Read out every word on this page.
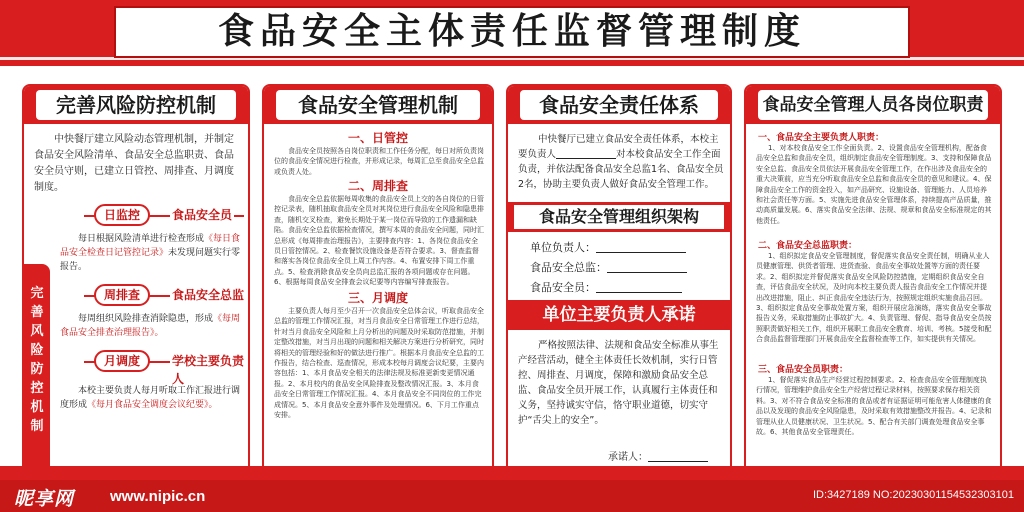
食品安全主体责任监督管理制度
完善风险防控机制
中快餐厅建立风险动态管理机制，并制定食品安全风险清单、食品安全总监职责、食品安全员守则，已建立日管控、周排查、月调度制度。
完善风险防控机制
日监控	食品安全员
每日根据风险清单进行检查形成《每日食品安全检查日记管控记录》未发现问题实行零报告。
周排查	食品安全总监
每周组织风险排查消除隐患，形成《每周食品安全排查治理报告》。
月调度	学校主要负责人
本校主要负责人每月听取工作汇报进行调度形成《每月食品安全调度会议纪要》。
食品安全管理机制
一、日管控
食品安全员按照各自岗位职责和工作任务分配，每日对所负责岗位的食品安全情况进行检查，并形成记录，每周汇总至食品安全总监或负责人处。
二、周排查
食品安全总监依据每周收集的食品安全员上交的各自岗位的日管控记录表，随机抽取食品安全员对其岗位进行食品安全风险和隐患排查，随机交叉检查，避免长期处于某一岗位而导致的工作遗漏和缺陷。食品安全总监依据检查情况，撰写本周的食品安全问题，同时汇总形成《每周排查治理报告》，主要排查内容：1、各岗位食品安全员日管控情况。2、检查餐饮设施设备是否符合要求。3、督查监督和落实各岗位食品安全员上周工作内容。4、布置安排下周工作重点。5、检查消除食品安全员向总监汇报的各项问题或存在问题。6、根据每周食品安全排查会议纪要等内容编写排查报告。
三、月调度
主要负责人每月至少召开一次食品安全总体会议，听取食品安全总监的管理工作情况汇报，对当月食品安全日常管理工作进行总结，针对当月食品安全风险和上月分析出的问题及时采取防范措施，并制定整改措施，对当月出现的问题和相关解决方案进行分析研究，同时将相关的管理经验和好的做法进行推广。根据本月食品安全总监的工作报告，结合检查、巡查情况，形成本校每月调度会议纪要，主要内容包括：1、本月食品安全相关的法律法规及标准更新变更情况通报。2、本月校内的食品安全风险排查及整改情况汇报。3、本月食品安全日常管理工作情况汇报。4、本月食品安全不同岗位的工作完成情况。5、本月食品安全意外事件及处理情况。6、下月工作重点安排。
食品安全责任体系
中快餐厅已建立食品安全责任体系，本校主要负责人	对本校食品安全工作全面负责，并依法配备食品安全总监1名、食品安全员2名，协助主要负责人做好食品安全管理工作。
食品安全管理组织架构
单位负责人：
食品安全总监：
食品安全员：
单位主要负责人承诺
严格按照法律、法规和食品安全标准从事生产经营活动，健全主体责任长效机制，实行日管控、周排查、月调度，保障和激励食品安全总监、食品安全员开展工作，认真履行主体责任和义务，坚持诚实守信，恪守职业道德，切实守护“舌尖上的安全”。
承诺人：
食品安全管理人员各岗位职责
一、食品安全主要负责人职责：
1、对本校食品安全工作全面负责。2、设置食品安全管理机构，配备食品安全总监和食品安全员，组织制定食品安全管理制度。3、支持和保障食品安全总监、食品安全员依法开展食品安全管理工作，在作出涉及食品安全的重大决策前，应当充分听取食品安全总监和食品安全员的意见和建议。4、保障食品安全工作的资金投入，如产品研究、设施设备、管理能力、人员培养和社会责任等方面。5、实施先进食品安全管理体系，持续提高产品质量，推动高质量发展。6、落实食品安全法律、法规、规章和食品安全标准规定的其他责任。
二、食品安全总监职责：
1、组织拟定食品安全管理制度，督促落实食品安全责任制，明确从业人员健康管理、供货者管理、进货查验、食品安全事故处置等方面的责任要求。2、组织拟定并督促落实食品安全风险防控措施，定期组织食品安全自查，评估食品安全状况，及时向本校主要负责人报告食品安全工作情况并提出改进措施，阻止、纠正食品安全违法行为，按照规定组织实施食品召回。3、组织拟定食品安全事故处置方案，组织开展应急演练，落实食品安全事故报告义务，采取措施防止事故扩大。4、负责管理、督促、指导食品安全员按照职责做好相关工作，组织开展职工食品安全教育、培训、考核。5接受和配合食品监督管理部门开展食品安全监督检查等工作，如实提供有关情况。
三、食品安全员职责：
1、督促落实食品生产经营过程控制要求。2、检查食品安全管理制度执行情况，管理维护食品安全生产经营过程记录材料，按照要求保存相关资料。3、对不符合食品安全标准的食品或者有证据证明可能危害人体健康的食品以及发现的食品安全风险隐患，及时采取有效措施整改并报告。4、记录和管理从业人员健康状况、卫生状况。5、配合有关部门调查处理食品安全事故。6、其他食品安全管理责任。
昵享网 www.nipic.cn	ID:3427189 NO:20230301154532303101
